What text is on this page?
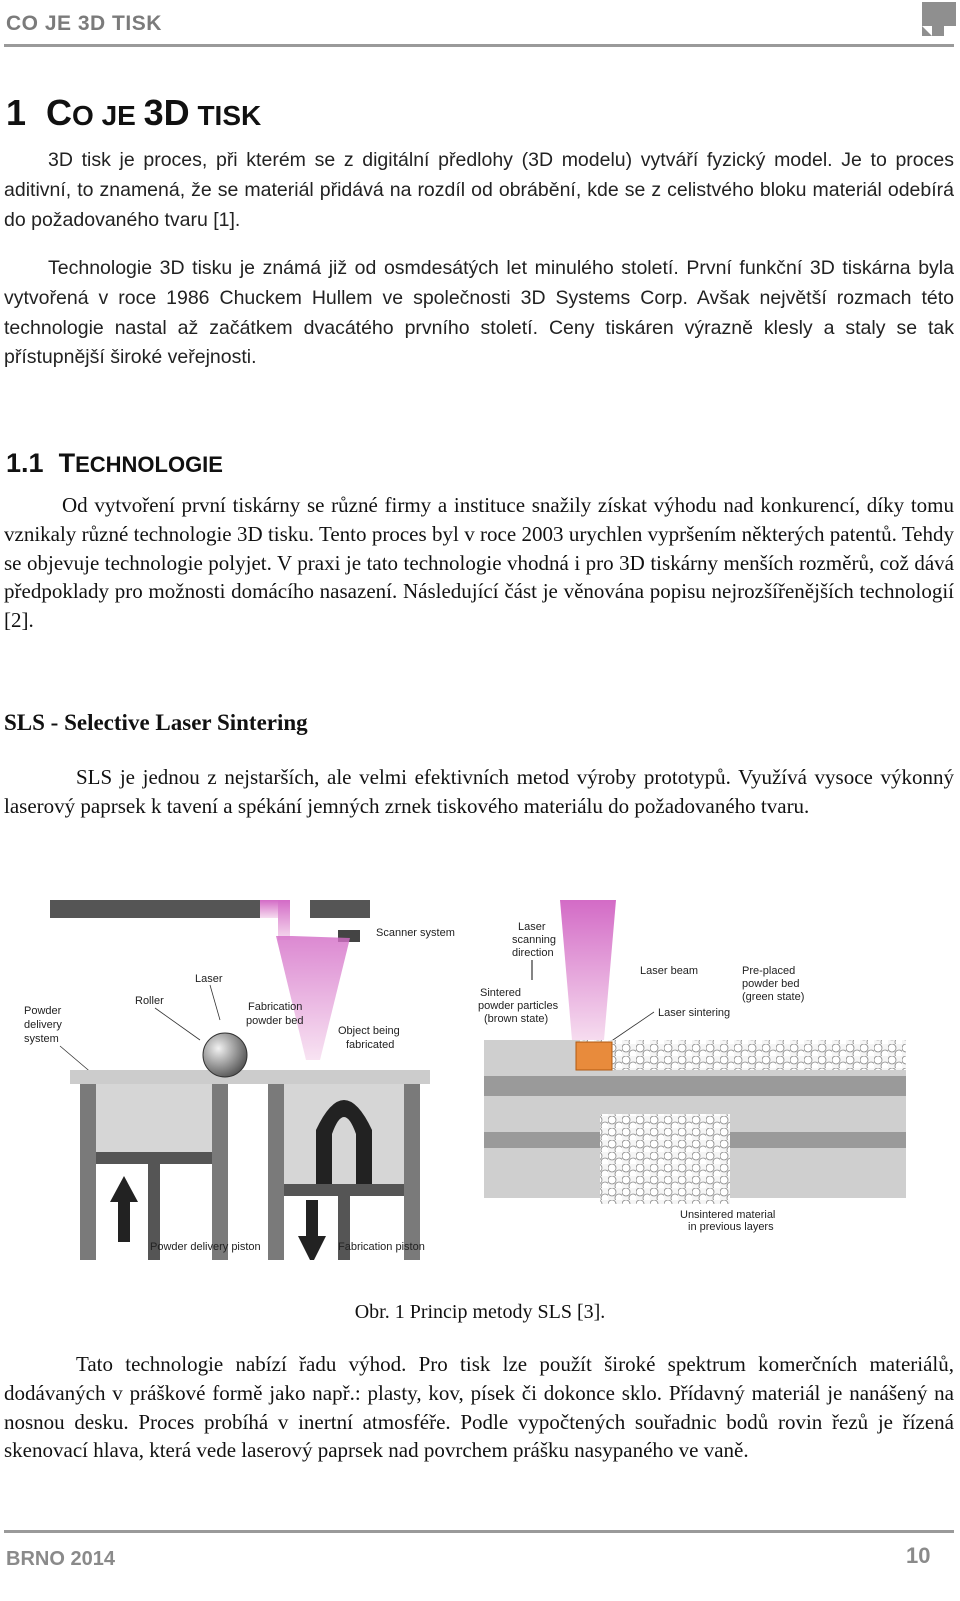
CO JE 3D TISK
1 CO JE 3D TISK

3D tisk je proces, při kterém se z digitální předlohy (3D modelu) vytváří fyzický model. Je to proces aditivní, to znamená, že se materiál přidává na rozdíl od obrábění, kde se z celistvého bloku materiál odebírá do požadovaného tvaru [1].

Technologie 3D tisku je známá již od osmdesátých let minulého století. První funkční 3D tiskárna byla vytvořená v roce 1986 Chuckem Hullem ve společnosti 3D Systems Corp. Avšak největší rozmach této technologie nastal až začátkem dvacátého prvního století. Ceny tiskáren výrazně klesly a staly se tak přístupnější široké veřejnosti.

1.1 TECHNOLOGIE

Od vytvoření první tiskárny se různé firmy a instituce snažily získat výhodu nad konkurencí, díky tomu vznikaly různé technologie 3D tisku. Tento proces byl v roce 2003 urychlen vypršením některých patentů. Tehdy se objevuje technologie polyjet. V praxi je tato technologie vhodná i pro 3D tiskárny menších rozměrů, což dává předpoklady pro možnosti domácího nasazení. Následující část je věnována popisu nejrozšířenějších technologií [2].

SLS - Selective Laser Sintering

SLS je jednou z nejstarších, ale velmi efektivních metod výroby prototypů. Využívá vysoce výkonný laserový paprsek k tavení a spékání jemných zrnek tiskového materiálu do požadovaného tvaru.

Scanner system
Laser
Roller
Powder
delivery
system
Fabrication
powder bed
Object being
fabricated
Powder delivery piston	Fabrication piston
Laser
scanning
direction
Laser beam	Pre-placed
powder bed
(green state)
Sintered
powder particles
(brown state)	Laser sintering
Unsintered material
in previous layers
Obr. 1 Princip metody SLS [3].

Tato technologie nabízí řadu výhod. Pro tisk lze použít široké spektrum komerčních materiálů, dodávaných v práškové formě jako např.: plasty, kov, písek či dokonce sklo. Přídavný materiál je nanášený na nosnou desku. Proces probíhá v inertní atmosféře. Podle vypočtených souřadnic bodů rovin řezů je řízená skenovací hlava, která vede laserový paprsek nad povrchem prášku nasypaného ve vaně.

BRNO 2014	10
